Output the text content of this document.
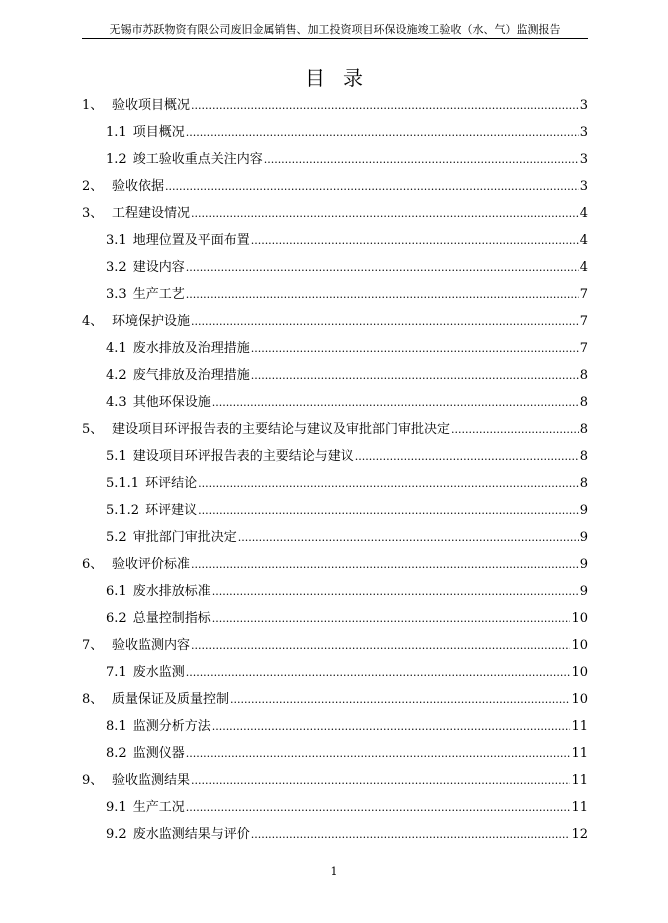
无锡市苏跃物资有限公司废旧金属销售、加工投资项目环保设施竣工验收（水、气）监测报告
目录
1、 验收项目概况 .....	3
1.1 项目概况 .....	3
1.2 竣工验收重点关注内容 .....	3
2、 验收依据 .....	3
3、 工程建设情况 .....	4
3.1 地理位置及平面布置 .....	4
3.2 建设内容 .....	4
3.3 生产工艺 .....	7
4、 环境保护设施 .....	7
4.1 废水排放及治理措施 .....	7
4.2 废气排放及治理措施 .....	8
4.3 其他环保设施 .....	8
5、 建设项目环评报告表的主要结论与建议及审批部门审批决定 .....	8
5.1 建设项目环评报告表的主要结论与建议 .....	8
5.1.1 环评结论 .....	8
5.1.2 环评建议 .....	9
5.2 审批部门审批决定 .....	9
6、 验收评价标准 .....	9
6.1 废水排放标准 .....	9
6.2 总量控制指标 .....	10
7、 验收监测内容 .....	10
7.1 废水监测 .....	10
8、 质量保证及质量控制 .....	10
8.1 监测分析方法 .....	11
8.2 监测仪器 .....	11
9、 验收监测结果 .....	11
9.1 生产工况 .....	11
9.2 废水监测结果与评价 .....	12
1
